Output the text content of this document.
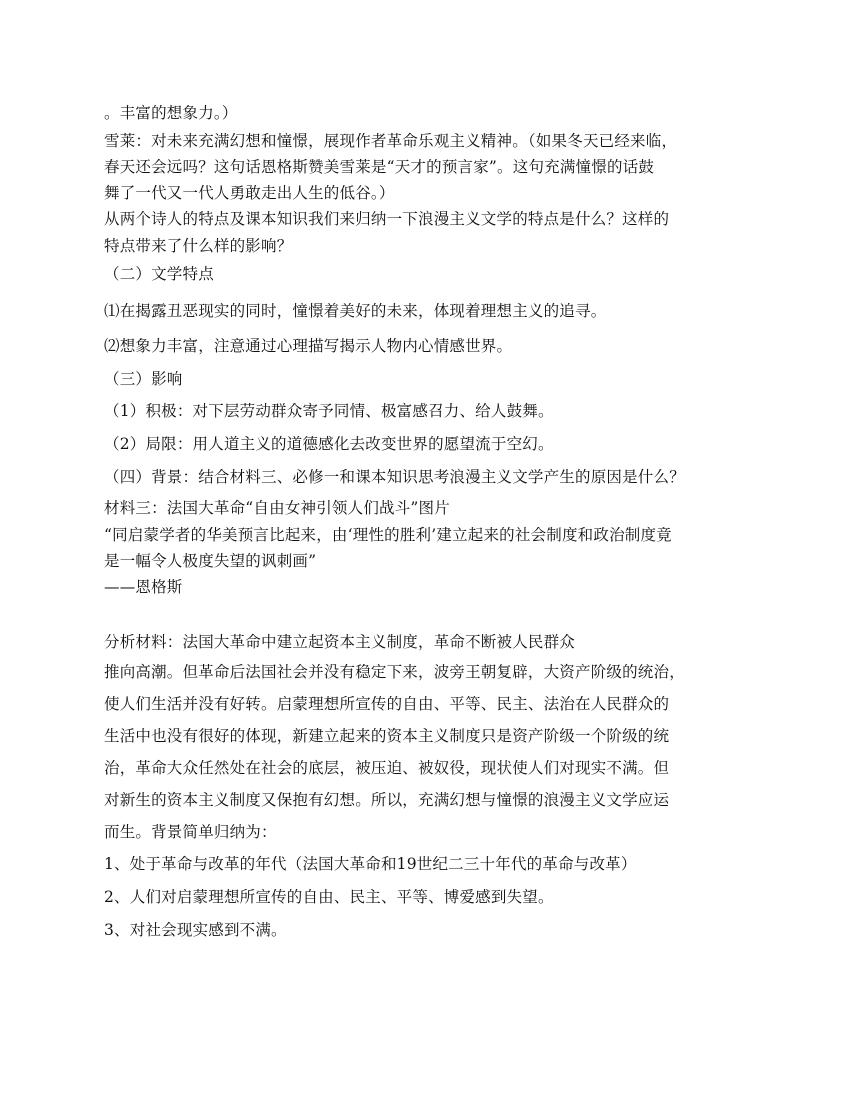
。丰富的想象力。）
雪莱：对未来充满幻想和憧憬，展现作者革命乐观主义精神。（如果冬天已经来临，
春天还会远吗？这句话恩格斯赞美雪莱是“天才的预言家”。这句充满憧憬的话鼓
舞了一代又一代人勇敢走出人生的低谷。）
从两个诗人的特点及课本知识我们来归纳一下浪漫主义文学的特点是什么？这样的
特点带来了什么样的影响？
（二）文学特点
⑴在揭露丑恶现实的同时，憧憬着美好的未来，体现着理想主义的追寻。
⑵想象力丰富，注意通过心理描写揭示人物内心情感世界。
（三）影响
（1）积极：对下层劳动群众寄予同情、极富感召力、给人鼓舞。
（2）局限：用人道主义的道德感化去改变世界的愿望流于空幻。
（四）背景：结合材料三、必修一和课本知识思考浪漫主义文学产生的原因是什么？
材料三：法国大革命“自由女神引领人们战斗”图片
“同启蒙学者的华美预言比起来，由‘理性的胜利’建立起来的社会制度和政治制度竟
是一幅令人极度失望的讽刺画”
——恩格斯
分析材料：法国大革命中建立起资本主义制度，革命不断被人民群众
推向高潮。但革命后法国社会并没有稳定下来，波旁王朝复辟，大资产阶级的统治，
使人们生活并没有好转。启蒙理想所宣传的自由、平等、民主、法治在人民群众的
生活中也没有很好的体现，新建立起来的资本主义制度只是资产阶级一个阶级的统
治，革命大众任然处在社会的底层，被压迫、被奴役，现状使人们对现实不满。但
对新生的资本主义制度又保抱有幻想。所以，充满幻想与憧憬的浪漫主义文学应运
而生。背景简单归纳为：
1、处于革命与改革的年代（法国大革命和19世纪二三十年代的革命与改革）
2、人们对启蒙理想所宣传的自由、民主、平等、博爱感到失望。
3、对社会现实感到不满。
